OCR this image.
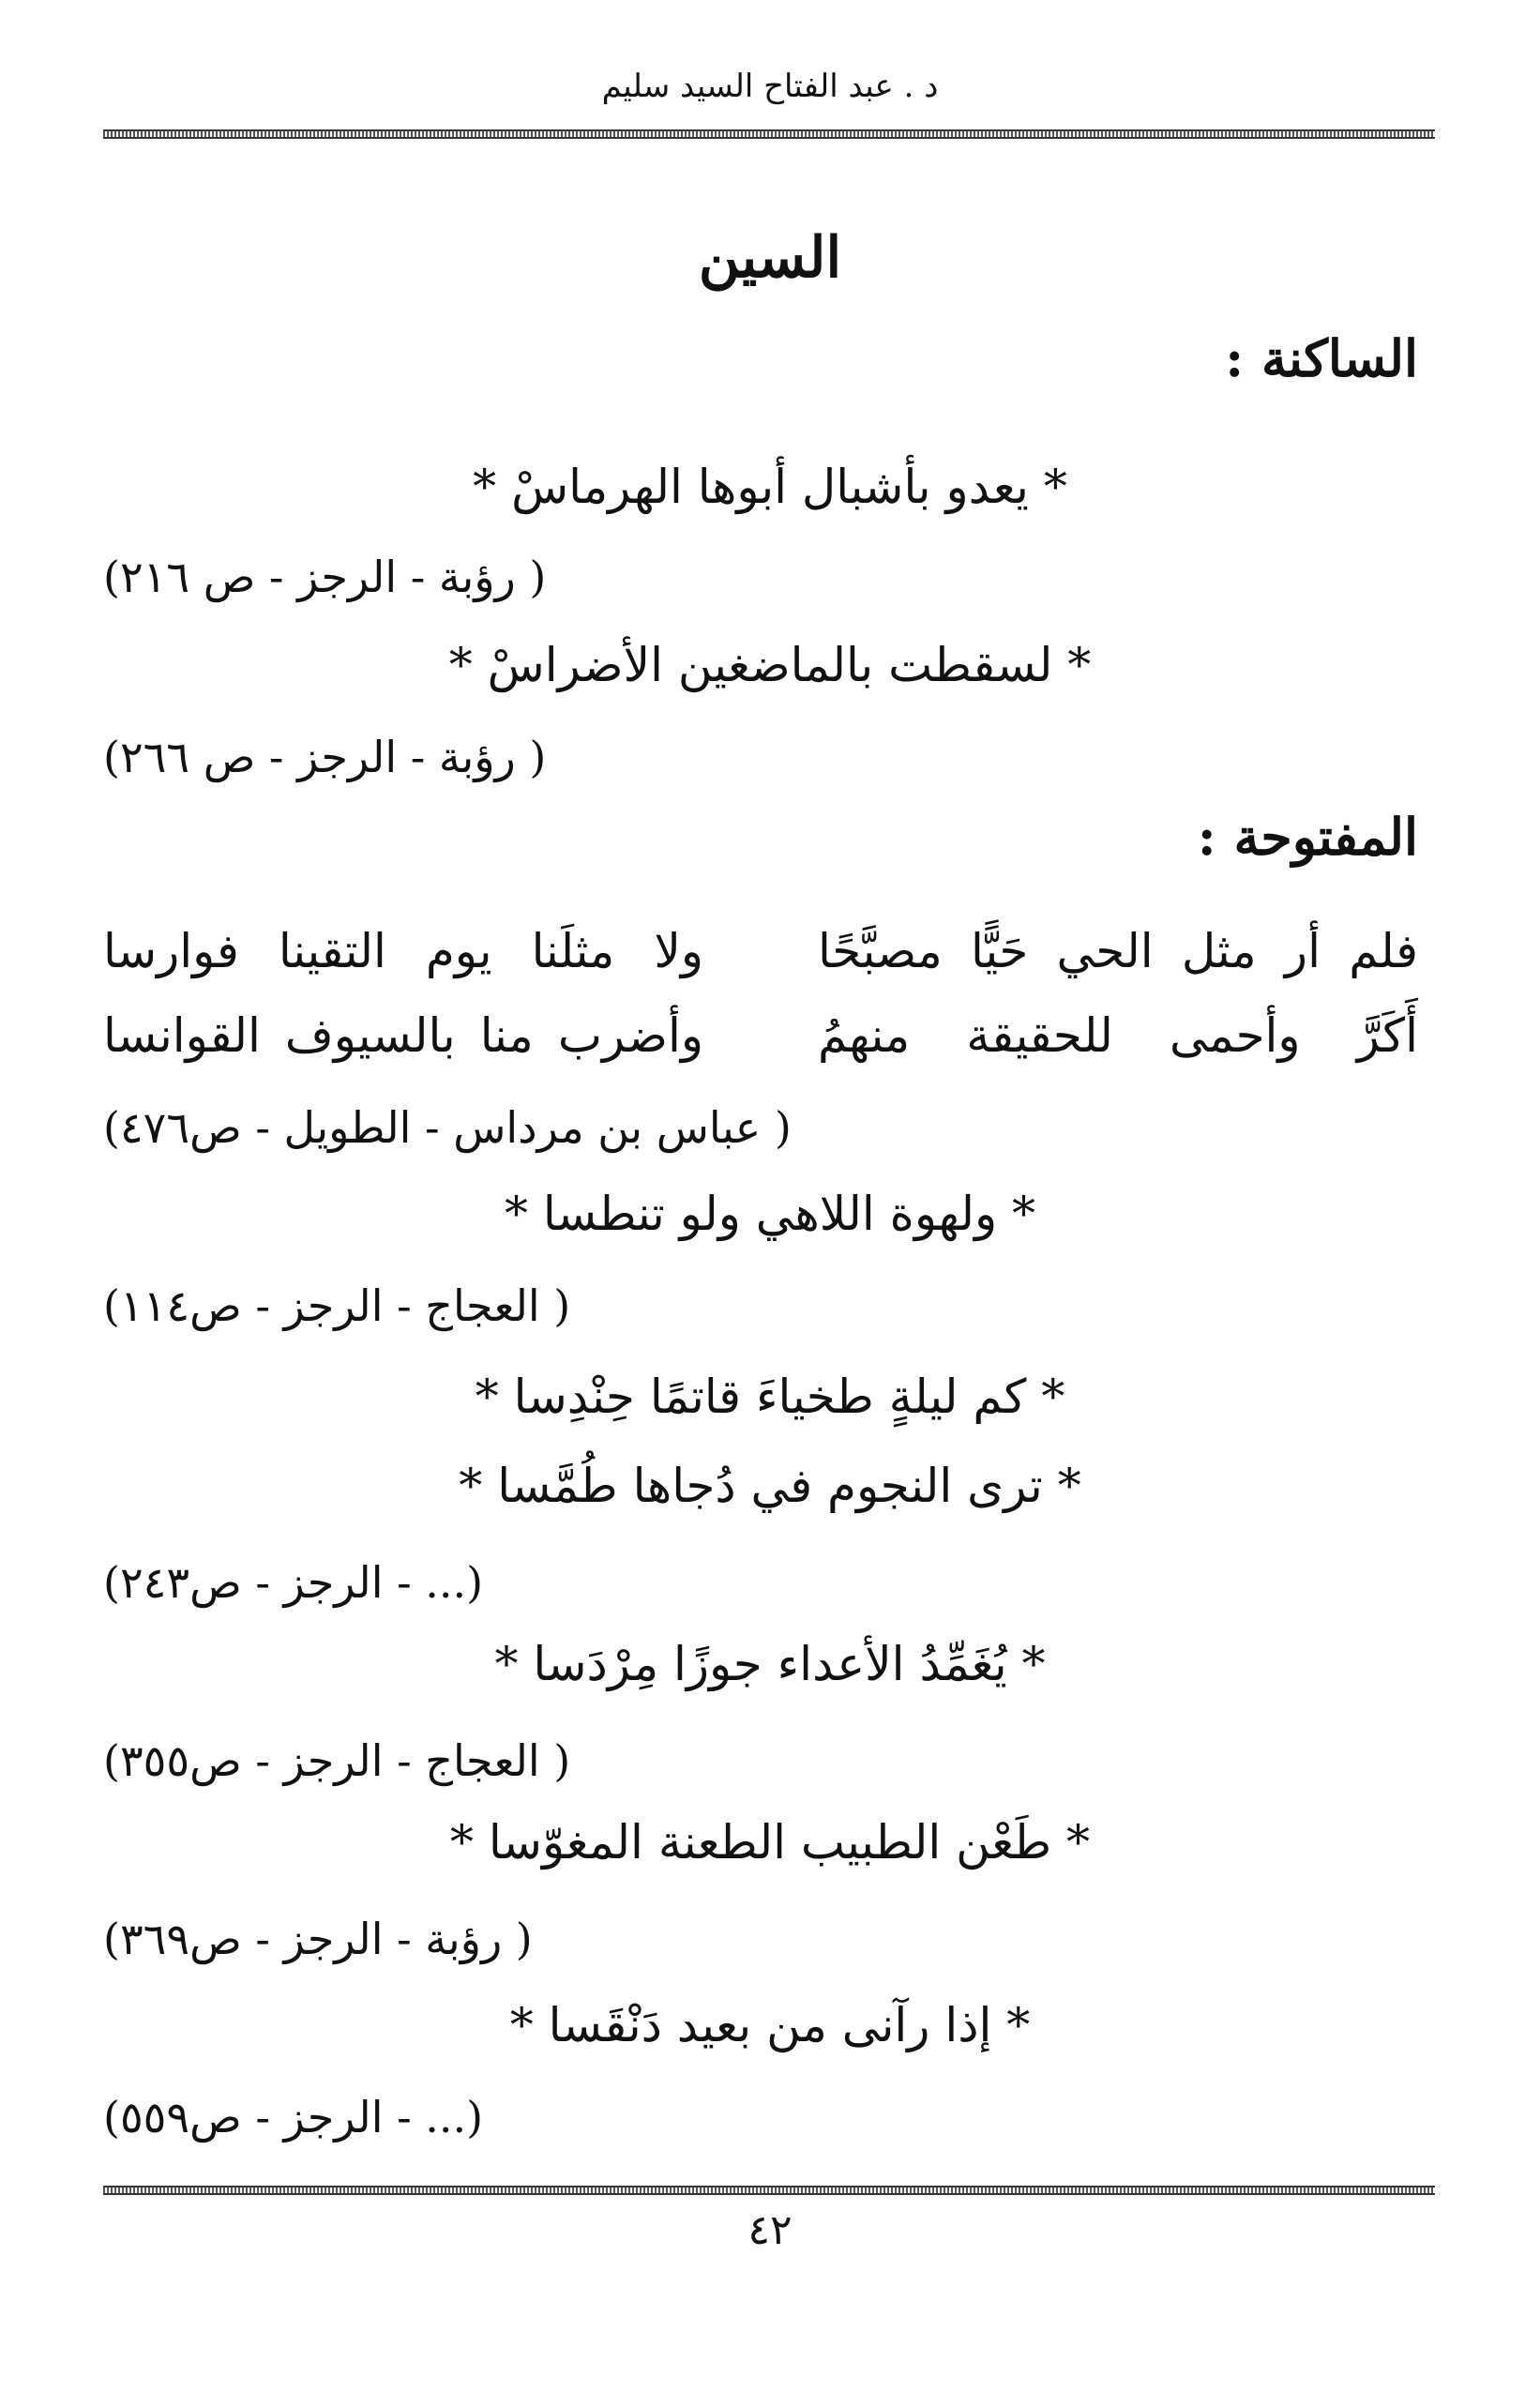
د . عبد الفتاح السيد سليم
السين
الساكنة :
* يعدو بأشبال أبوها الهرماسْ *
( رؤبة - الرجز - ص ٢١٦)
* لسقطت بالماضغين الأضراسْ *
( رؤبة - الرجز - ص ٢٦٦)
المفتوحة :
فلم أر مثل الحي حَيًّا مصبَّحًا
ولا مثلَنا يوم التقينا فوارسا
أَكَرَّ وأحمى للحقيقة منهمُ
وأضرب منا بالسيوف القوانسا
( عباس بن مرداس - الطويل - ص٤٧٦)
* ولهوة اللاهي ولو تنطسا *
( العجاج - الرجز - ص١١٤)
* كم ليلةٍ طخياءَ قاتمًا حِنْدِسا *
* ترى النجوم في دُجاها طُمَّسا *
(... - الرجز - ص٢٤٣)
* يُغَمِّدُ الأعداء جوزًا مِرْدَسا *
( العجاج - الرجز - ص٣٥٥)
* طَعْن الطبيب الطعنة المغوّسا *
( رؤبة - الرجز - ص٣٦٩)
* إذا رآنى من بعيد دَنْقَسا *
(... - الرجز - ص٥٥٩)
٤٢
